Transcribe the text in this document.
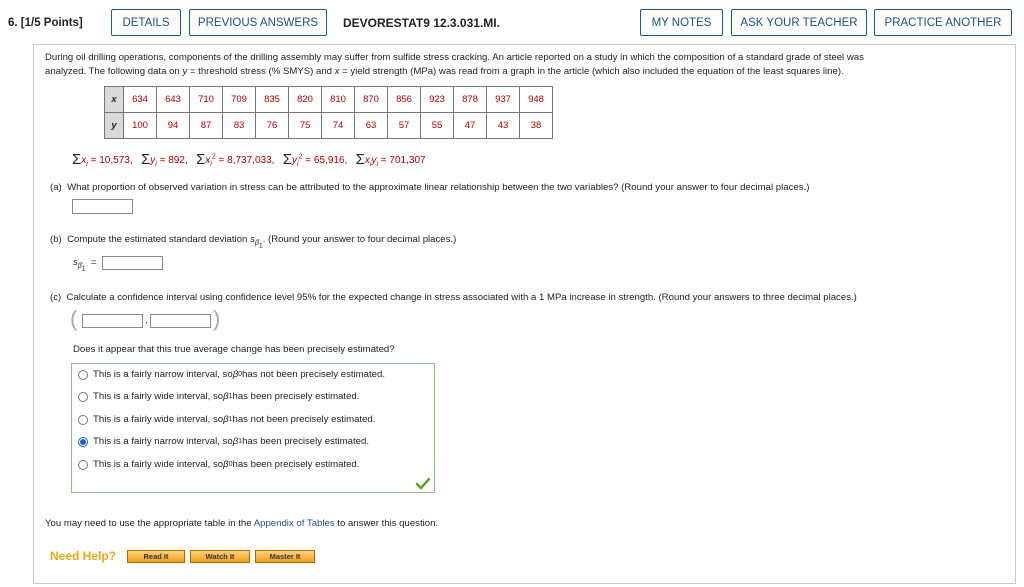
6. [1/5 Points]	DETAILS	PREVIOUS ANSWERS	DEVORESTAT9 12.3.031.MI.	MY NOTES	ASK YOUR TEACHER	PRACTICE ANOTHER
During oil drilling operations, components of the drilling assembly may suffer from sulfide stress cracking. An article reported on a study in which the composition of a standard grade of steel was
analyzed. The following data on y = threshold stress (% SMYS) and x = yield strength (MPa) was read from a graph in the article (which also included the equation of the least squares line).
x	634	643	710	709	835	820	810	870	856	923	878	937	948
y	100	94	87	83	76	75	74	63	57	55	47	43	38
$\Sigma x_i = 10,573$, $\Sigma y_i = 892$, $\Sigma x_i^2 = 8,737,033$, $\Sigma y_i^2 = 65,916$, $\Sigma x_iy_i = 701,307$
(a) What proportion of observed variation in stress can be attributed to the approximate linear relationship between the two variables? (Round your answer to four decimal places.)
(b) Compute the estimated standard deviation $s_{\betâ_1}$. (Round your answer to four decimal places.)
$s_{\betâ_1}$  =
(c) Calculate a confidence interval using confidence level 95% for the expected change in stress associated with a 1 MPa increase in strength. (Round your answers to three decimal places.)
(	,	)
Does it appear that this true average change has been precisely estimated?
This is a fairly narrow interval, so β 0 has not been precisely estimated.
This is a fairly wide interval, so β 1 has been precisely estimated.
This is a fairly wide interval, so β 1 has not been precisely estimated.
This is a fairly narrow interval, so β 1 has been precisely estimated.
This is a fairly wide interval, so β 0 has been precisely estimated.
You may need to use the appropriate table in the Appendix of Tables to answer this question.
Need Help?	Read It	Watch It	Master It
